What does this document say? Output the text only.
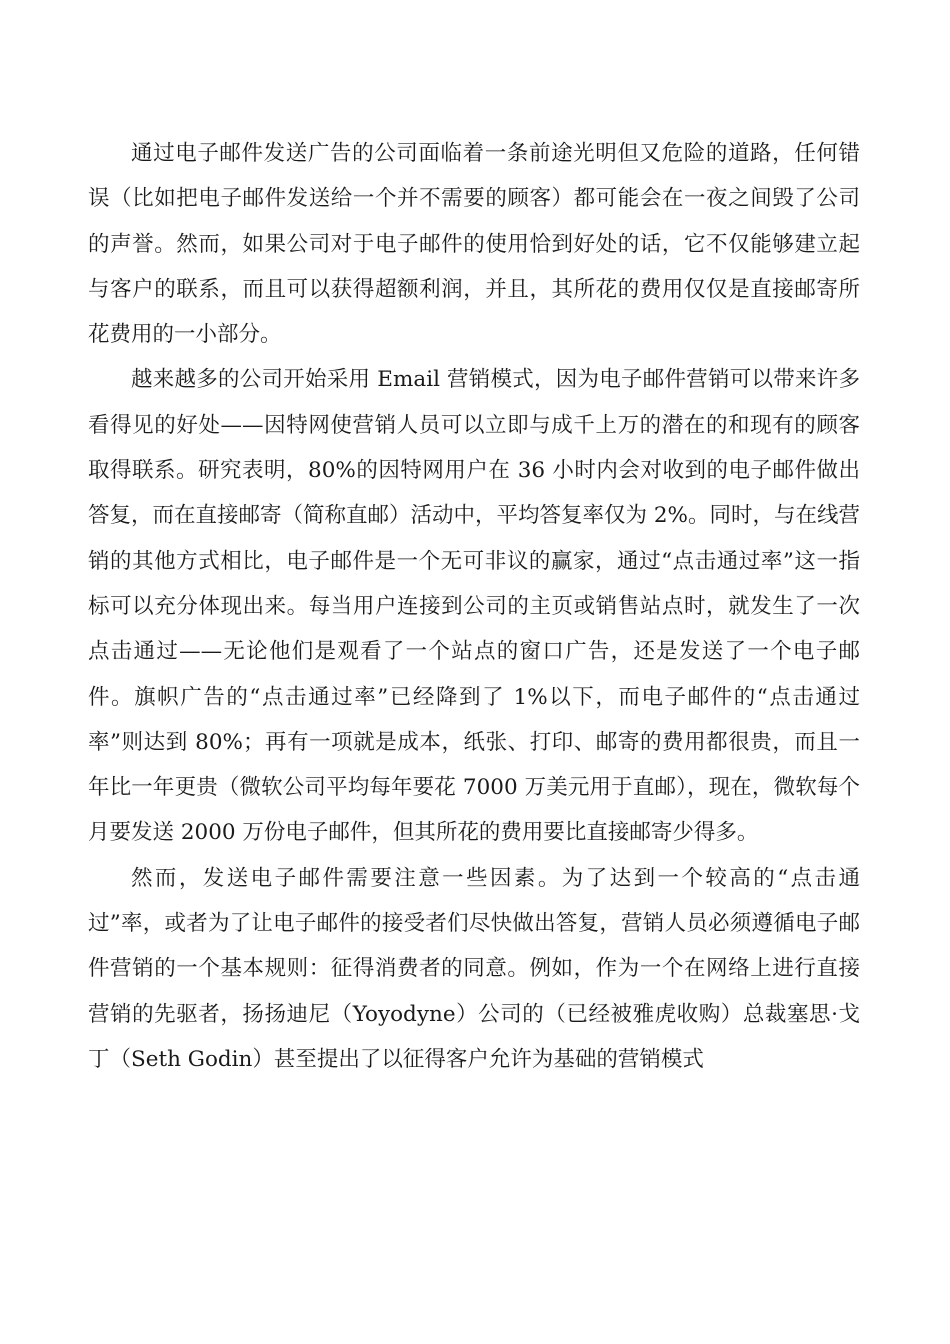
通过电子邮件发送广告的公司面临着一条前途光明但又危险的道路，任何错误（比如把电子邮件发送给一个并不需要的顾客）都可能会在一夜之间毁了公司的声誉。然而，如果公司对于电子邮件的使用恰到好处的话，它不仅能够建立起与客户的联系，而且可以获得超额利润，并且，其所花的费用仅仅是直接邮寄所花费用的一小部分。

越来越多的公司开始采用 Email 营销模式，因为电子邮件营销可以带来许多看得见的好处——因特网使营销人员可以立即与成千上万的潜在的和现有的顾客取得联系。研究表明，80%的因特网用户在 36 小时内会对收到的电子邮件做出答复，而在直接邮寄（简称直邮）活动中，平均答复率仅为 2%。同时，与在线营销的其他方式相比，电子邮件是一个无可非议的赢家，通过“点击通过率”这一指标可以充分体现出来。每当用户连接到公司的主页或销售站点时，就发生了一次点击通过——无论他们是观看了一个站点的窗口广告，还是发送了一个电子邮件。旗帜广告的“点击通过率”已经降到了 1%以下，而电子邮件的“点击通过率”则达到 80%；再有一项就是成本，纸张、打印、邮寄的费用都很贵，而且一年比一年更贵（微软公司平均每年要花 7000 万美元用于直邮），现在，微软每个月要发送 2000 万份电子邮件，但其所花的费用要比直接邮寄少得多。

然而，发送电子邮件需要注意一些因素。为了达到一个较高的“点击通过”率，或者为了让电子邮件的接受者们尽快做出答复，营销人员必须遵循电子邮件营销的一个基本规则：征得消费者的同意。例如，作为一个在网络上进行直接营销的先驱者，扬扬迪尼（Yoyodyne）公司的（已经被雅虎收购）总裁塞思·戈丁（Seth Godin）甚至提出了以征得客户允许为基础的营销模式
